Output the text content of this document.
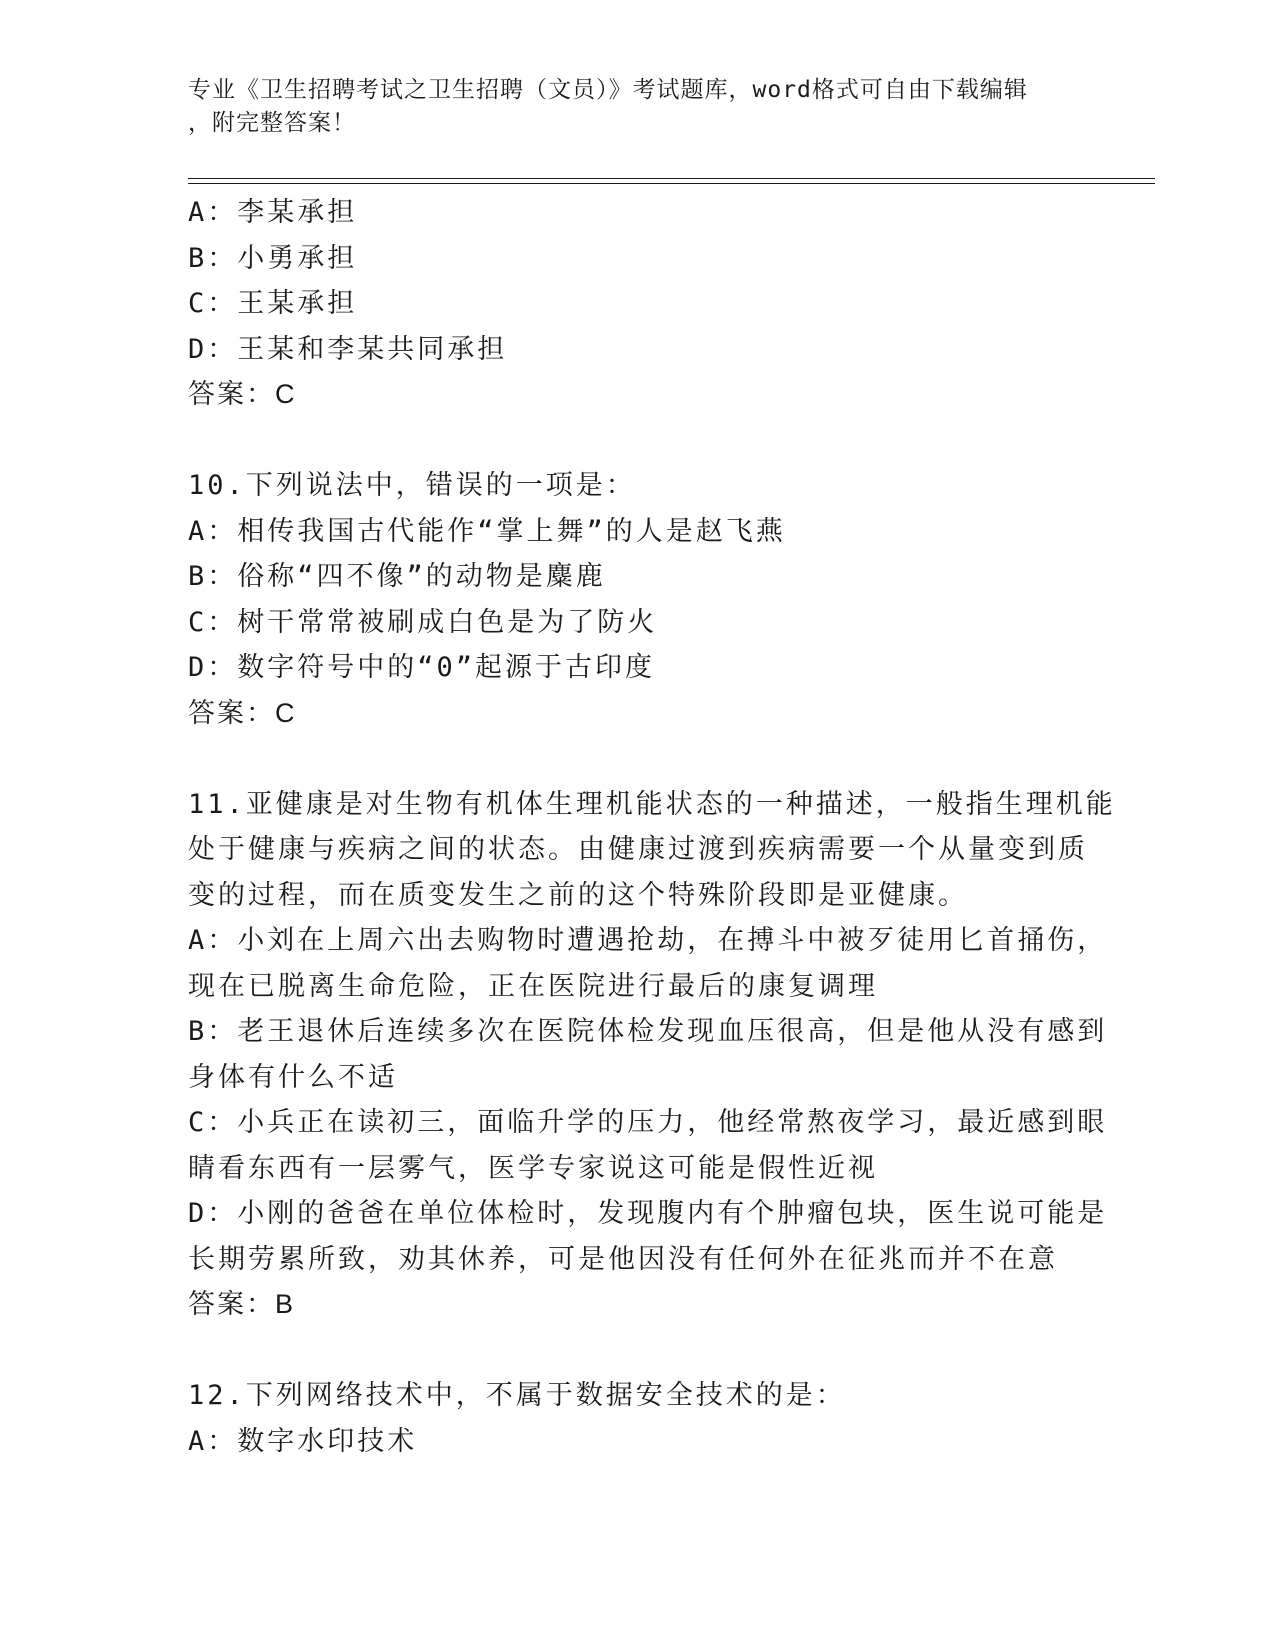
专业《卫生招聘考试之卫生招聘（文员）》考试题库，word格式可自由下载编辑
，附完整答案！
A：李某承担
B：小勇承担
C：王某承担
D：王某和李某共同承担
答案：C
10.下列说法中，错误的一项是：
A：相传我国古代能作“掌上舞”的人是赵飞燕
B：俗称“四不像”的动物是麋鹿
C：树干常常被刷成白色是为了防火
D：数字符号中的“0”起源于古印度
答案：C
11.亚健康是对生物有机体生理机能状态的一种描述，一般指生理机能
处于健康与疾病之间的状态。由健康过渡到疾病需要一个从量变到质
变的过程，而在质变发生之前的这个特殊阶段即是亚健康。
A：小刘在上周六出去购物时遭遇抢劫，在搏斗中被歹徒用匕首捅伤，
现在已脱离生命危险，正在医院进行最后的康复调理
B：老王退休后连续多次在医院体检发现血压很高，但是他从没有感到
身体有什么不适
C：小兵正在读初三，面临升学的压力，他经常熬夜学习，最近感到眼
睛看东西有一层雾气，医学专家说这可能是假性近视
D：小刚的爸爸在单位体检时，发现腹内有个肿瘤包块，医生说可能是
长期劳累所致，劝其休养，可是他因没有任何外在征兆而并不在意
答案：B
12.下列网络技术中，不属于数据安全技术的是：
A：数字水印技术
